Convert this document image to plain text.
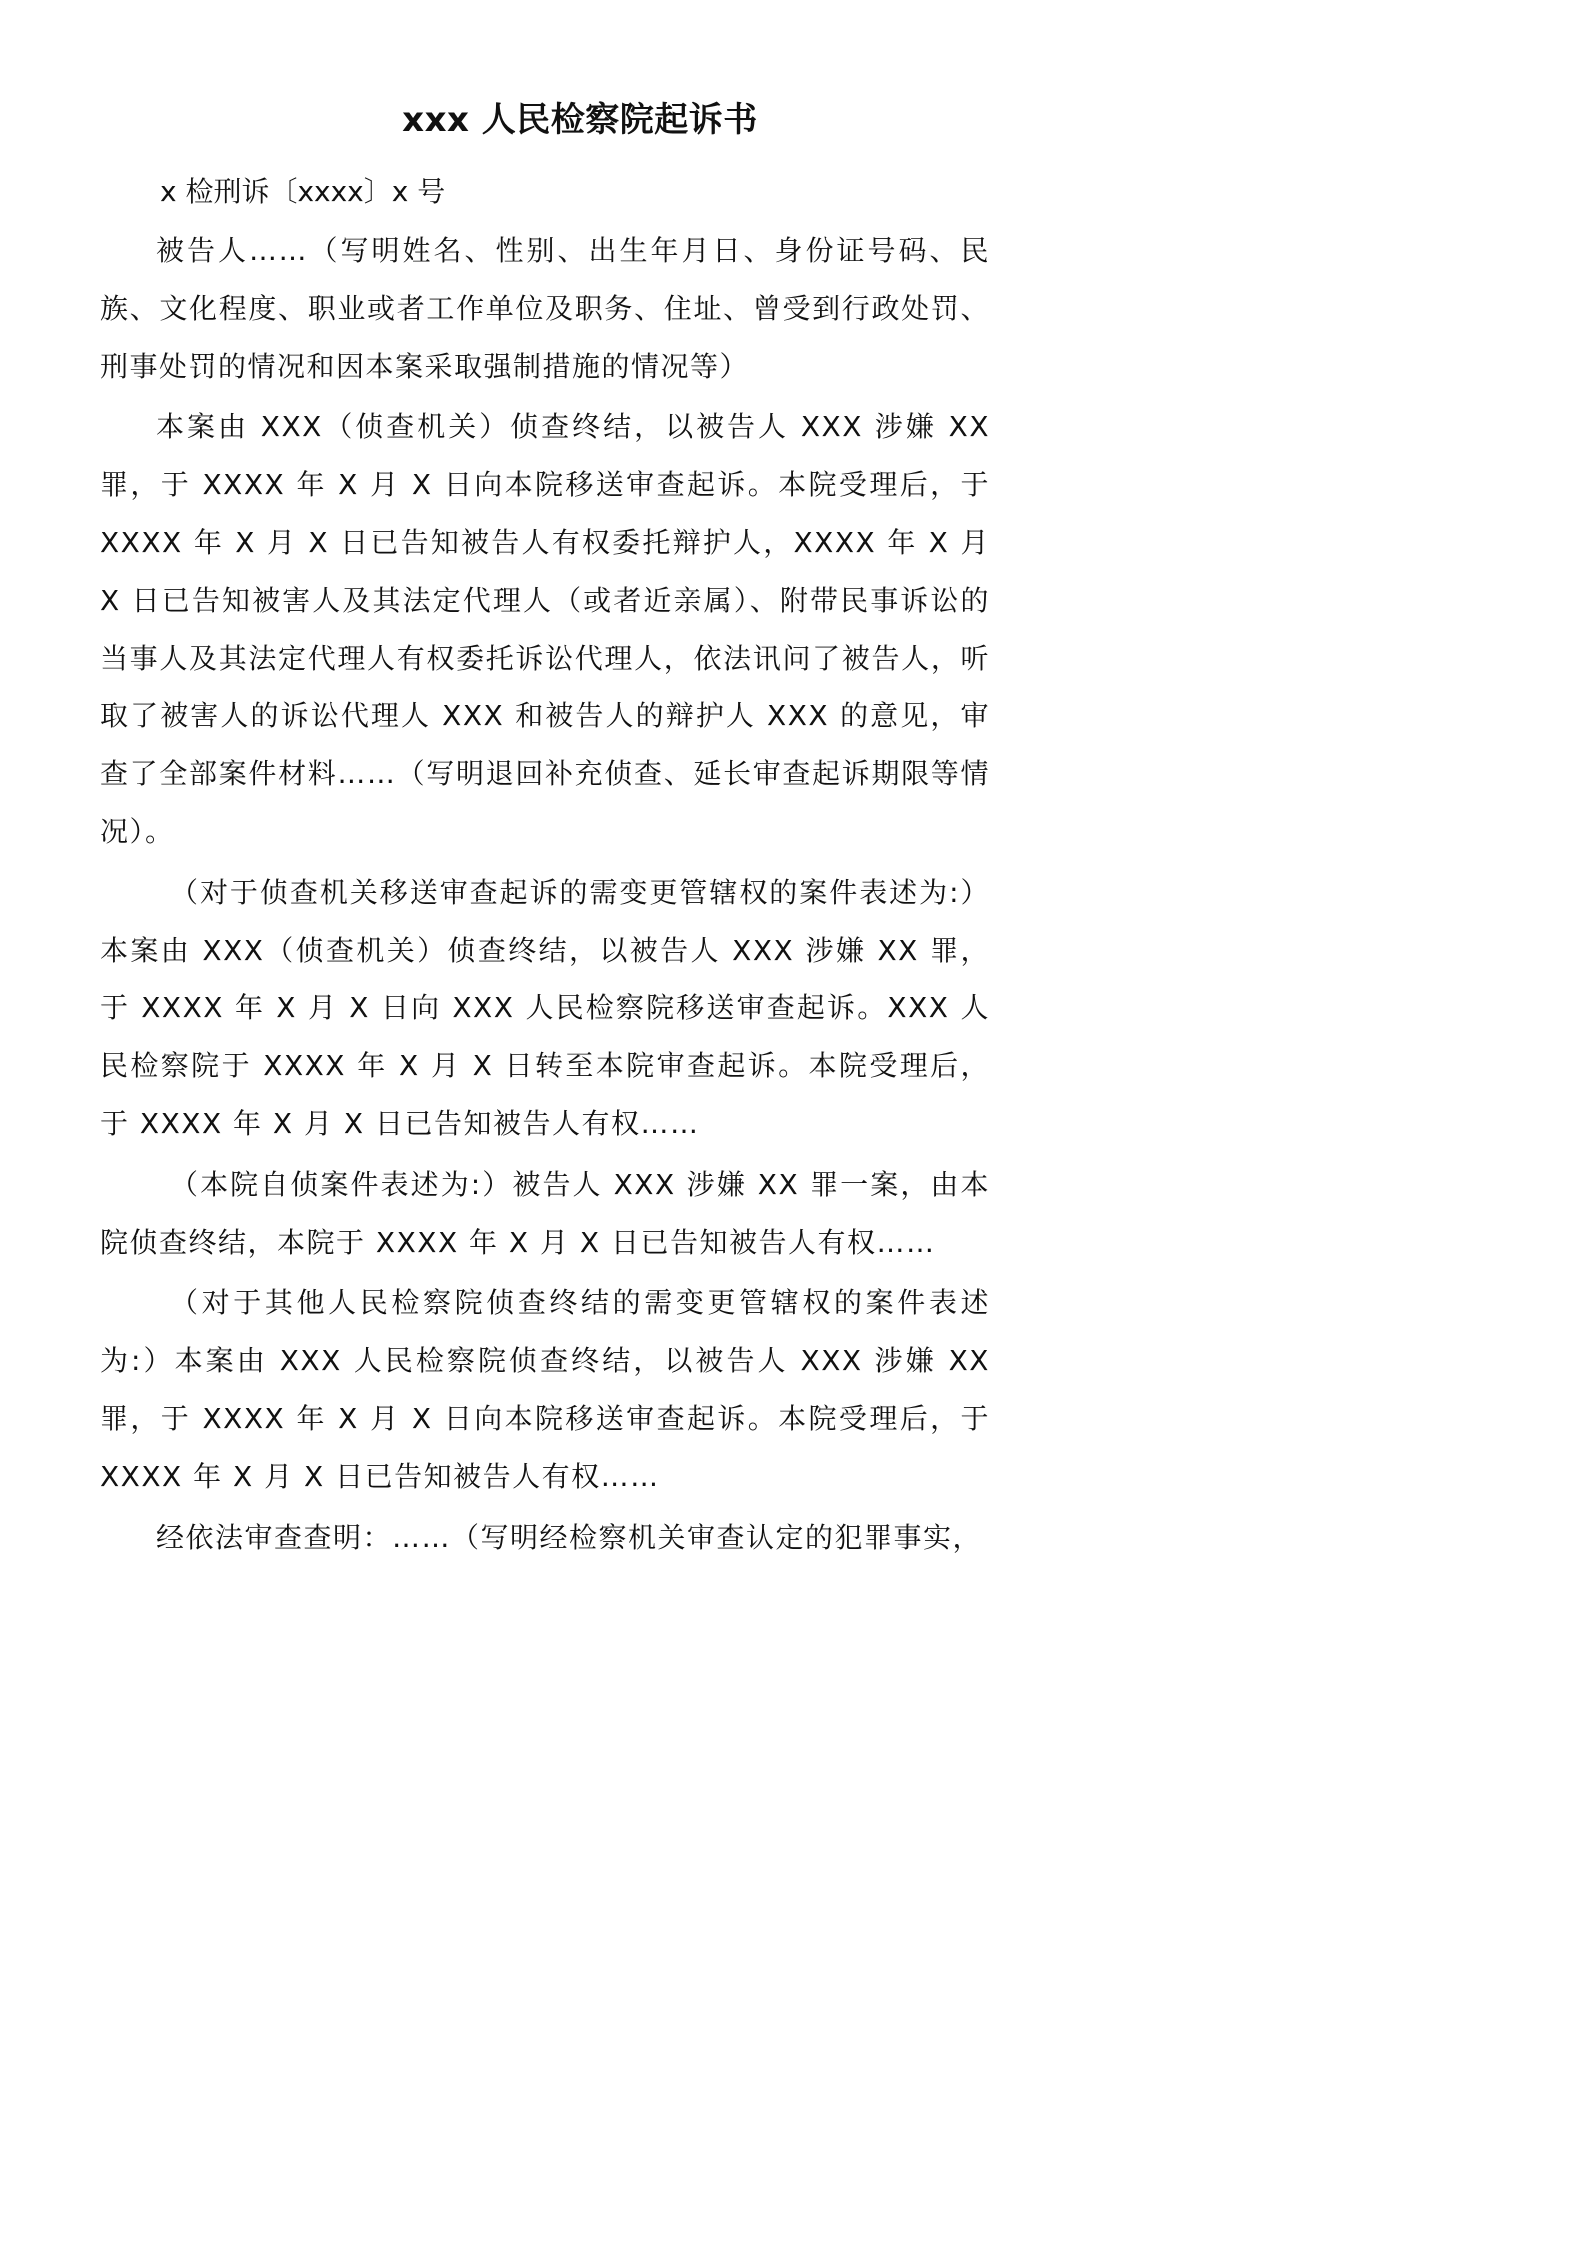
xxx 人民检察院起诉书

x 检刑诉〔xxxx〕x 号

被告人……（写明姓名、性别、出生年月日、身份证号码、民族、文化程度、职业或者工作单位及职务、住址、曾受到行政处罚、刑事处罚的情况和因本案采取强制措施的情况等）

本案由 XXX（侦查机关）侦查终结，以被告人 XXX 涉嫌 XX 罪，于 XXXX 年 X 月 X 日向本院移送审查起诉。本院受理后，于 XXXX 年 X 月 X 日已告知被告人有权委托辩护人，XXXX 年 X 月 X 日已告知被害人及其法定代理人（或者近亲属）、附带民事诉讼的当事人及其法定代理人有权委托诉讼代理人，依法讯问了被告人，听取了被害人的诉讼代理人 XXX 和被告人的辩护人 XXX 的意见，审查了全部案件材料……（写明退回补充侦查、延长审查起诉期限等情况）。

（对于侦查机关移送审查起诉的需变更管辖权的案件表述为:）本案由 XXX（侦查机关）侦查终结，以被告人 XXX 涉嫌 XX 罪，于 XXXX 年 X 月 X 日向 XXX 人民检察院移送审查起诉。XXX 人民检察院于 XXXX 年 X 月 X 日转至本院审查起诉。本院受理后，于 XXXX 年 X 月 X 日已告知被告人有权……

（本院自侦案件表述为:）被告人 XXX 涉嫌 XX 罪一案，由本院侦查终结，本院于 XXXX 年 X 月 X 日已告知被告人有权……

（对于其他人民检察院侦查终结的需变更管辖权的案件表述为:）本案由 XXX 人民检察院侦查终结，以被告人 XXX 涉嫌 XX 罪，于 XXXX 年 X 月 X 日向本院移送审查起诉。本院受理后，于 XXXX 年 X 月 X 日已告知被告人有权……

经依法审查查明：……（写明经检察机关审查认定的犯罪事实，
